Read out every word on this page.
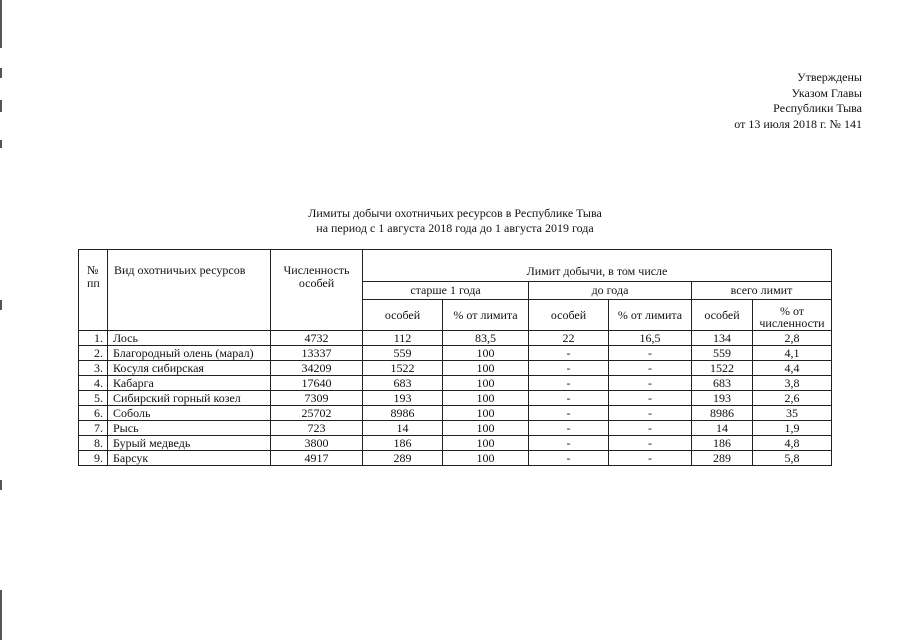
Утверждены
Указом Главы
Республики Тыва
от 13 июля 2018 г. № 141
Лимиты добычи охотничьих ресурсов в Республике Тыва
на период с 1 августа 2018 года до 1 августа 2019 года
№ пп	Вид охотничьих ресурсов	Численность особей	Лимит добычи, в том числе					
			старше 1 года		до года		всего лимит	
			особей	% от лимита	особей	% от лимита	особей	% от численности
1.	Лось	4732	112	83,5	22	16,5	134	2,8
2.	Благородный олень (марал)	13337	559	100	-	-	559	4,1
3.	Косуля сибирская	34209	1522	100	-	-	1522	4,4
4.	Кабарга	17640	683	100	-	-	683	3,8
5.	Сибирский горный козел	7309	193	100	-	-	193	2,6
6.	Соболь	25702	8986	100	-	-	8986	35
7.	Рысь	723	14	100	-	-	14	1,9
8.	Бурый медведь	3800	186	100	-	-	186	4,8
9.	Барсук	4917	289	100	-	-	289	5,8
